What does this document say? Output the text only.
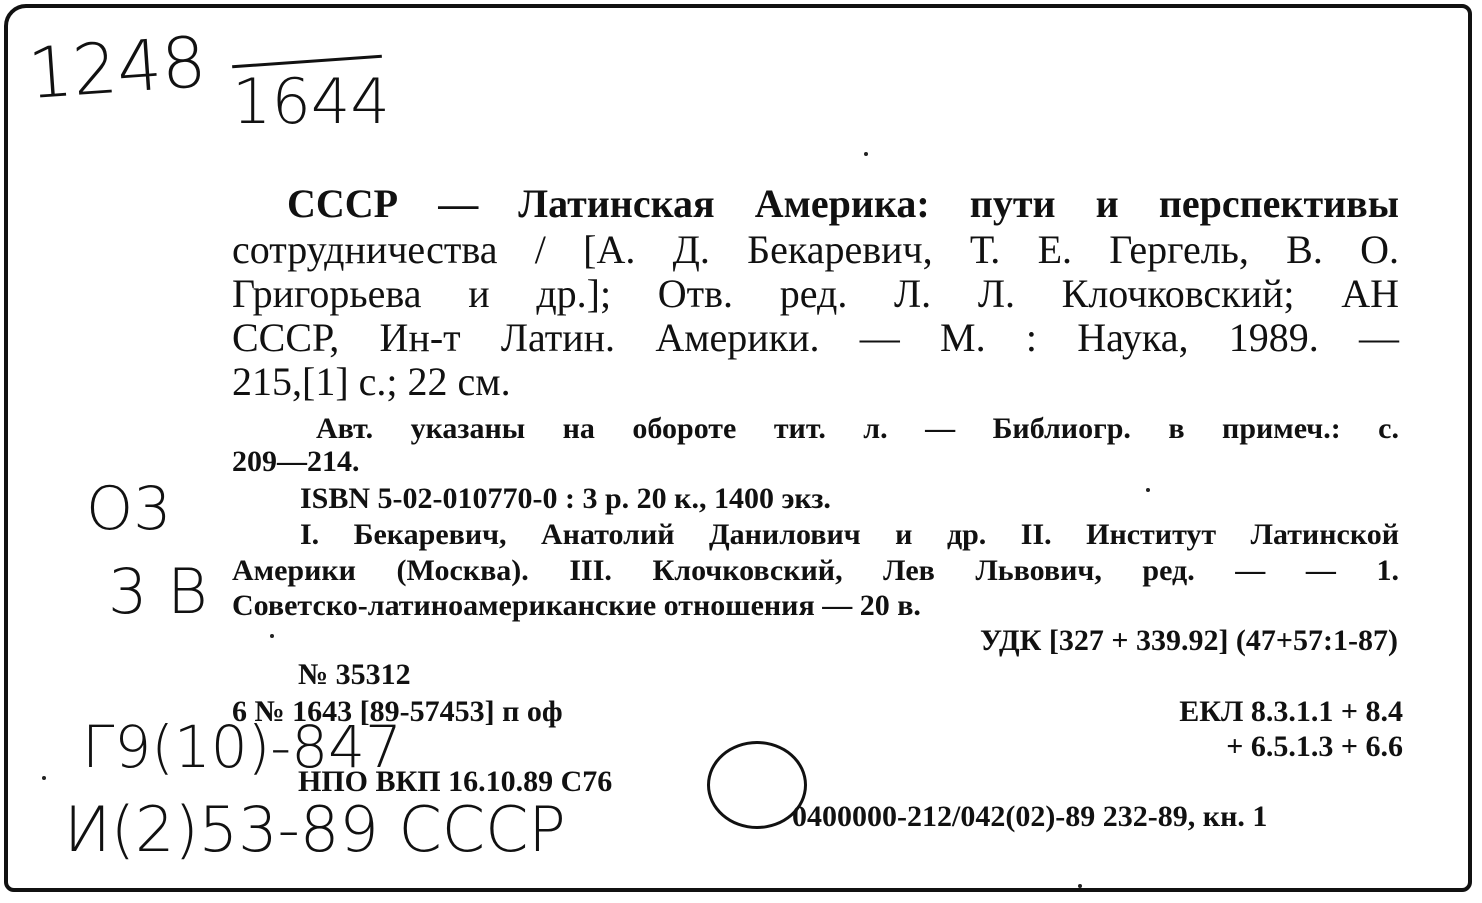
1248 1644
О3
3 В
Г9(10)-847
И(2)53-89 СССР
СССР — Латинская Америка: пути и перспективы
сотрудничества / [А. Д. Бекаревич, Т. Е. Гергель, В. О.
Григорьева и др.]; Отв. ред. Л. Л. Клочковский; АН
СССР, Ин-т Латин. Америки. — М. : Наука, 1989. —
215,[1] с.; 22 см.
Авт. указаны на обороте тит. л. — Библиогр. в примеч.: с.
209—214.
ISBN 5-02-010770-0 : 3 р. 20 к., 1400 экз.
I. Бекаревич, Анатолий Данилович и др. II. Институт Латинской
Америки (Москва). III. Клочковский, Лев Львович, ред. — — 1.
Советско-латиноамериканские отношения — 20 в.
УДК [327 + 339.92] (47+57:1-87)
№ 35312
6 № 1643 [89-57453] п оф	ЕКЛ 8.3.1.1 + 8.4
+ 6.5.1.3 + 6.6
НПО ВКП 16.10.89 С76
0400000-212/042(02)-89 232-89, кн. 1
